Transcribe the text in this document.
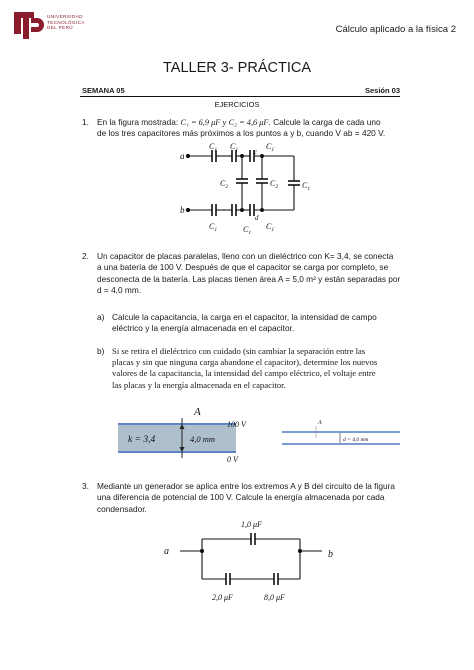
UNIVERSIDAD
TECNOLÓGICA
DEL PERÚ	Cálculo aplicado a la física 2
TALLER 3- PRÁCTICA
SEMANA 05	Sesión 03
EJERCICIOS
1. En la figura mostrada: C₁ = 6,9 μF y C₂ = 4,6 μF. Calcule la carga de cada uno
de los tres capacitores más próximos a los puntos a y b, cuando V ab = 420 V.
a
b
c
d
$C_1$ $C_1$	$C_1$
$C_2$	$C_2$	$C_1$
$C_1$	$C_1$
$C_1$
2. Un capacitor de placas paralelas, lleno con un dieléctrico con K= 3,4, se conecta
a una batería de 100 V. Después de que el capacitor se carga por completo, se
desconecta de la batería. Las placas tienen área A = 5,0 m² y están separadas por
d = 4,0 mm.
a) Calcule la capacitancia, la carga en el capacitor, la intensidad de campo
eléctrico y la energía almacenada en el capacitor.
b) Si se retira el dieléctrico con cuidado (sin cambiar la separación entre las
placas y sin que ninguna carga abandone el capacitor), determine los nuevos
valores de la capacitancia, la intensidad del campo eléctrico, el voltaje entre
las placas y la energía almacenada en el capacitor.
A
k = 3,4	4,0 mm
100 V
0 V
A
d = 4,0 mm
3. Mediante un generador se aplica entre los extremos A y B del circuito de la figura
una diferencia de potencial de 100 V. Calcule la energía almacenada por cada
condensador.
a	b
1,0 μF
2,0 μF	8,0 μF
